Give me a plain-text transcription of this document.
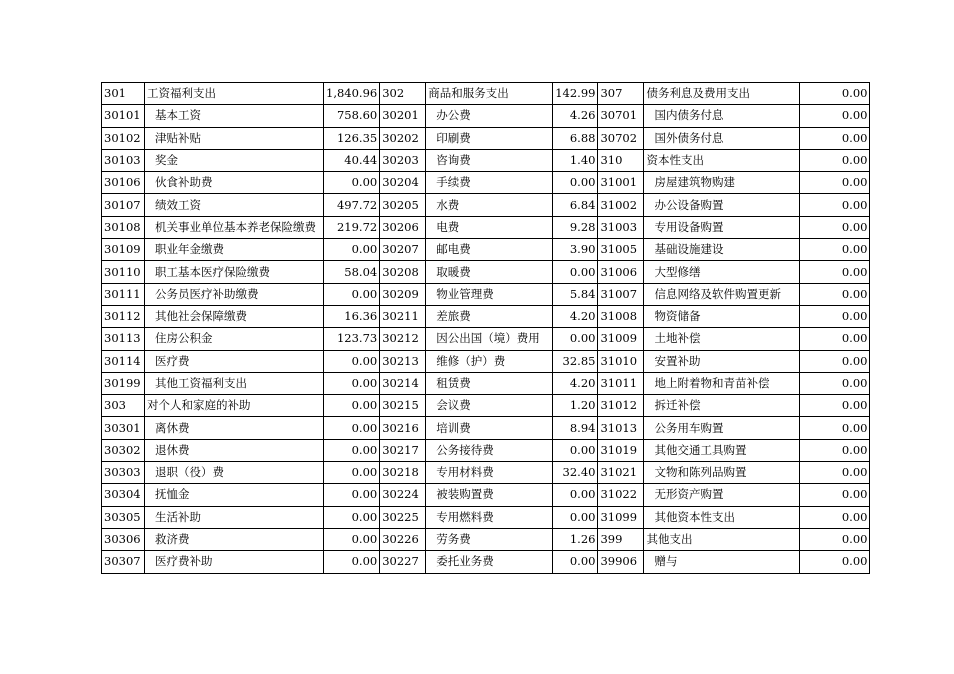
301	工资福利支出	1,840.96	302	商品和服务支出	142.99	307	债务利息及费用支出	0.00
30101	基本工资	758.60	30201	办公费	4.26	30701	国内债务付息	0.00
30102	津贴补贴	126.35	30202	印刷费	6.88	30702	国外债务付息	0.00
30103	奖金	40.44	30203	咨询费	1.40	310	资本性支出	0.00
30106	伙食补助费	0.00	30204	手续费	0.00	31001	房屋建筑物购建	0.00
30107	绩效工资	497.72	30205	水费	6.84	31002	办公设备购置	0.00
30108	机关事业单位基本养老保险缴费	219.72	30206	电费	9.28	31003	专用设备购置	0.00
30109	职业年金缴费	0.00	30207	邮电费	3.90	31005	基础设施建设	0.00
30110	职工基本医疗保险缴费	58.04	30208	取暖费	0.00	31006	大型修缮	0.00
30111	公务员医疗补助缴费	0.00	30209	物业管理费	5.84	31007	信息网络及软件购置更新	0.00
30112	其他社会保障缴费	16.36	30211	差旅费	4.20	31008	物资储备	0.00
30113	住房公积金	123.73	30212	因公出国（境）费用	0.00	31009	土地补偿	0.00
30114	医疗费	0.00	30213	维修（护）费	32.85	31010	安置补助	0.00
30199	其他工资福利支出	0.00	30214	租赁费	4.20	31011	地上附着物和青苗补偿	0.00
303	对个人和家庭的补助	0.00	30215	会议费	1.20	31012	拆迁补偿	0.00
30301	离休费	0.00	30216	培训费	8.94	31013	公务用车购置	0.00
30302	退休费	0.00	30217	公务接待费	0.00	31019	其他交通工具购置	0.00
30303	退职（役）费	0.00	30218	专用材料费	32.40	31021	文物和陈列品购置	0.00
30304	抚恤金	0.00	30224	被装购置费	0.00	31022	无形资产购置	0.00
30305	生活补助	0.00	30225	专用燃料费	0.00	31099	其他资本性支出	0.00
30306	救济费	0.00	30226	劳务费	1.26	399	其他支出	0.00
30307	医疗费补助	0.00	30227	委托业务费	0.00	39906	赠与	0.00
